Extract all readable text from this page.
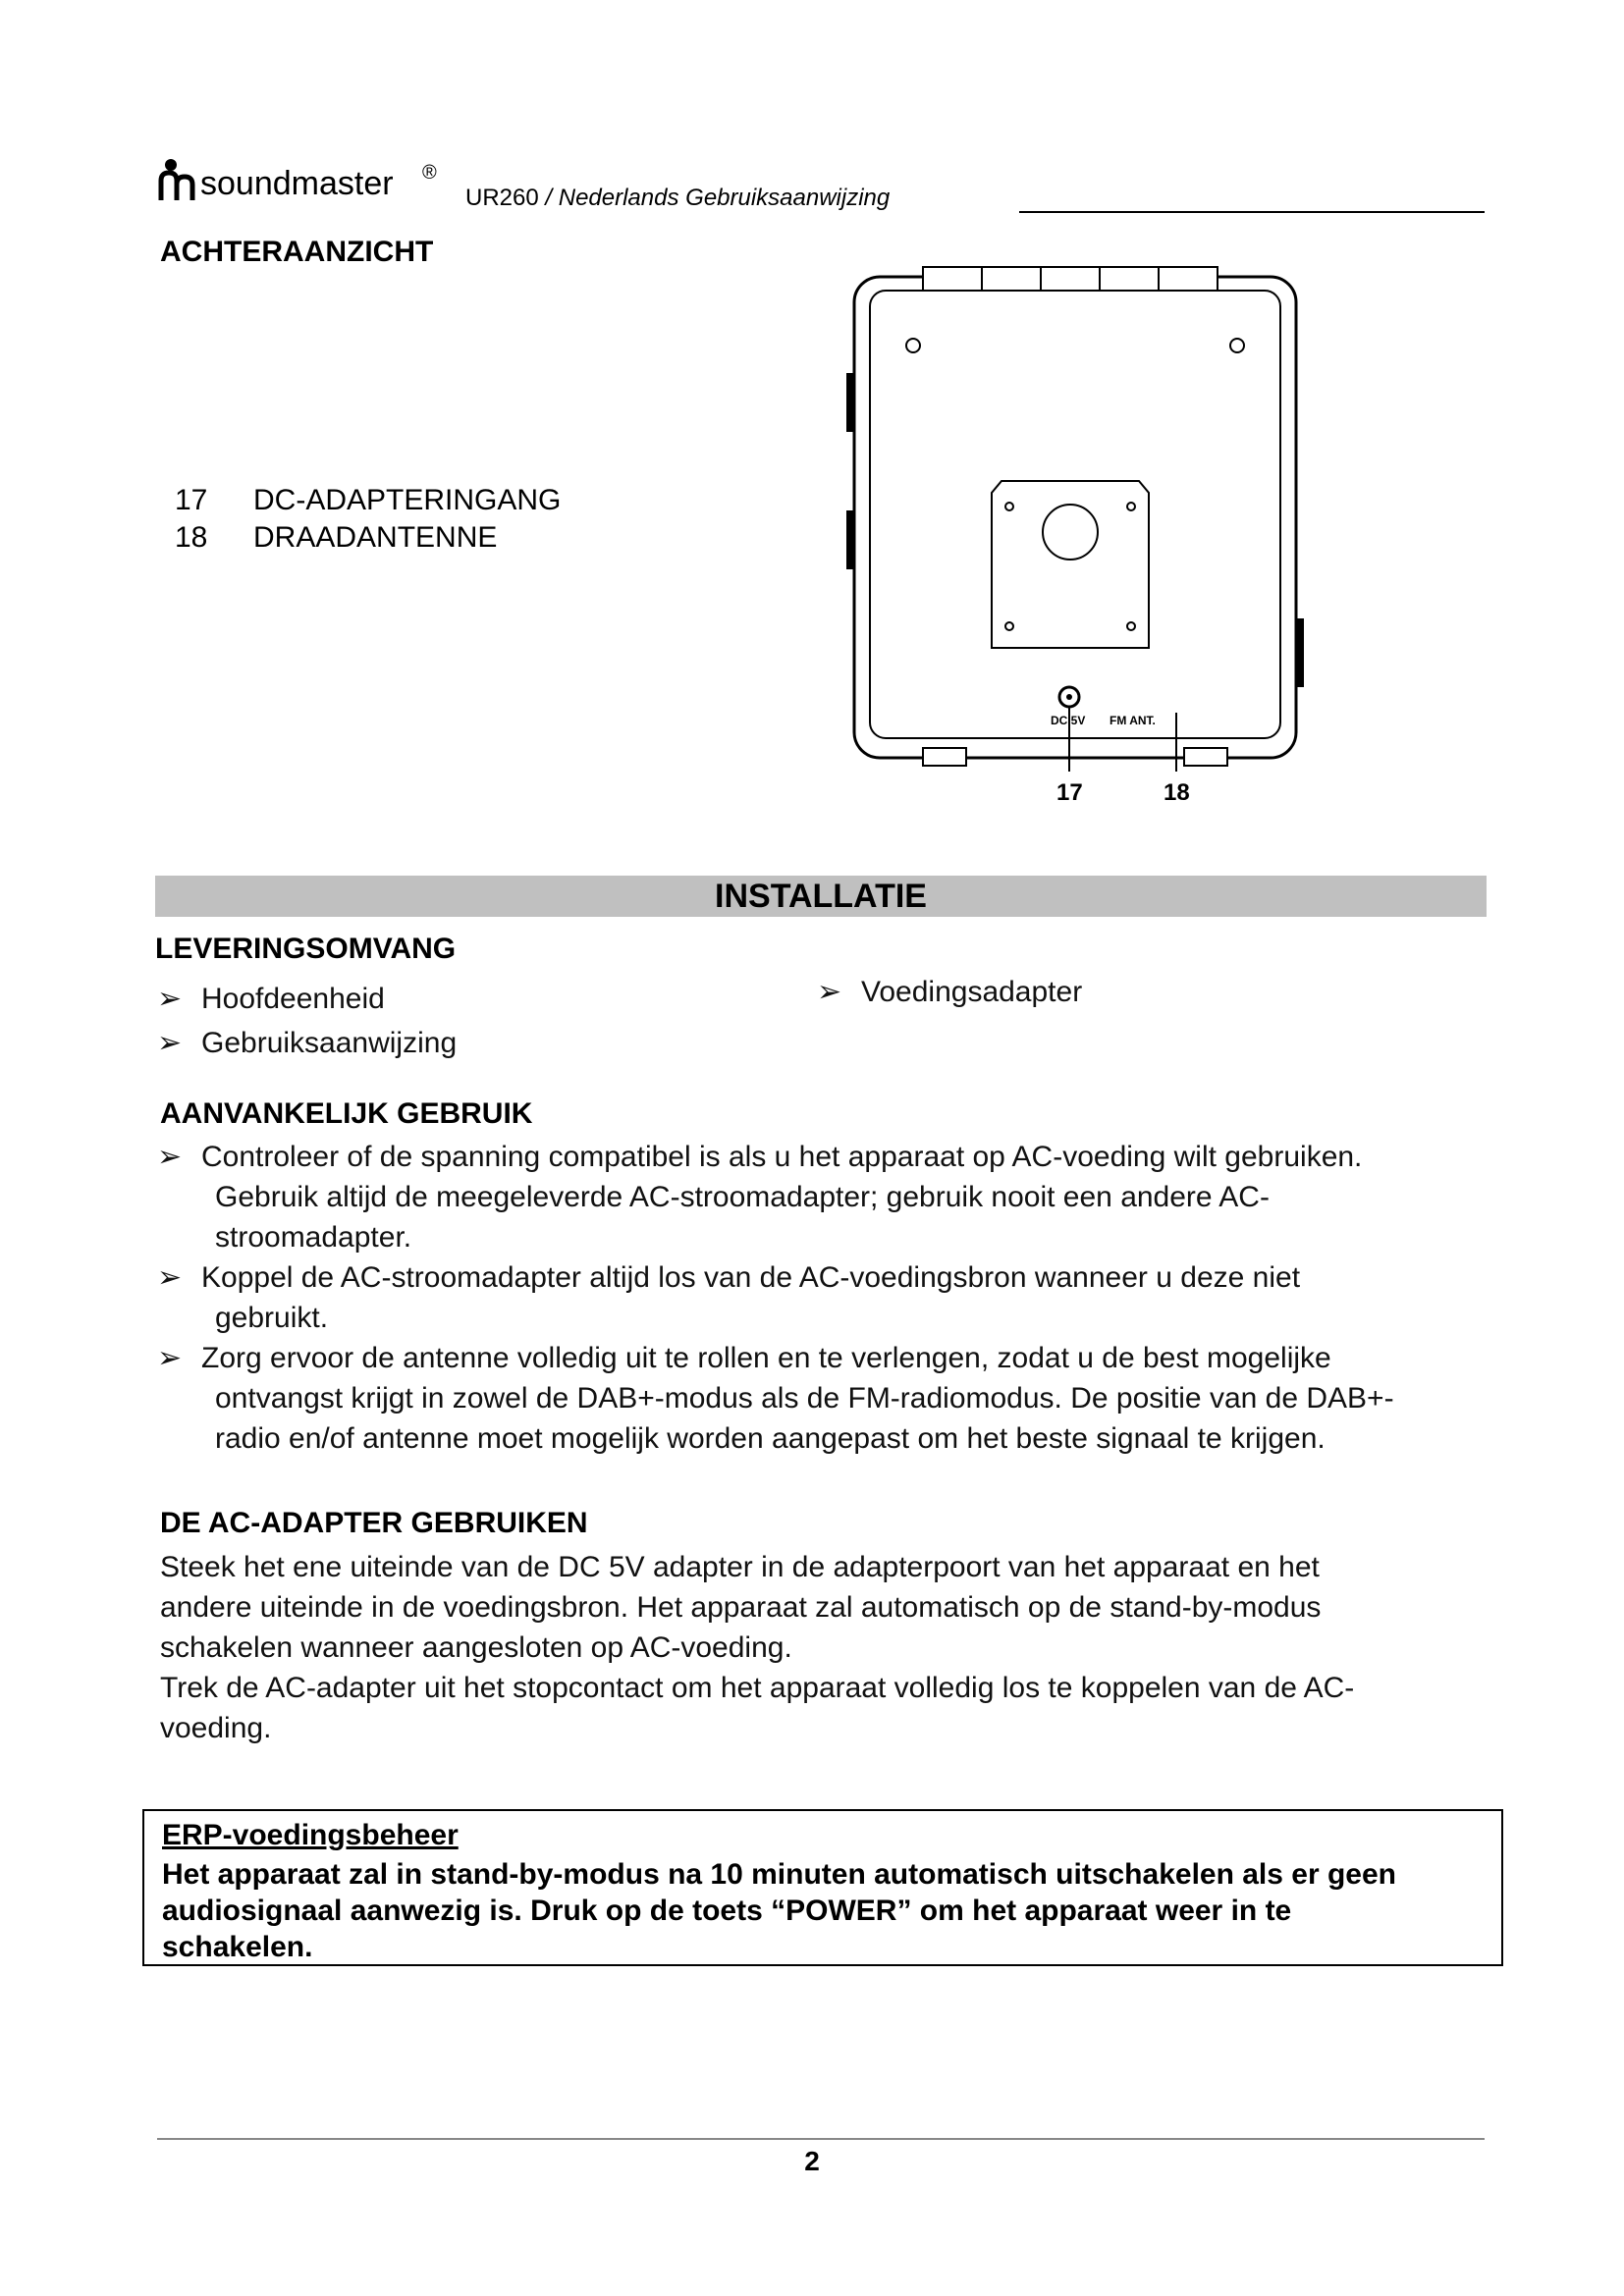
soundmaster ®
UR260 / Nederlands Gebruiksaanwijzing
ACHTERAANZICHT
17 DC-ADAPTERINGANG
18 DRAADANTENNE
DC 5V FM ANT.
17	18
INSTALLATIE
LEVERINGSOMVANG
➢ Hoofdeenheid
➢ Gebruiksaanwijzing
➢ Voedingsadapter
AANVANKELIJK GEBRUIK
➢ Controleer of de spanning compatibel is als u het apparaat op AC-voeding wilt gebruiken.
Gebruik altijd de meegeleverde AC-stroomadapter; gebruik nooit een andere AC-
stroomadapter.
➢ Koppel de AC-stroomadapter altijd los van de AC-voedingsbron wanneer u deze niet
gebruikt.
➢ Zorg ervoor de antenne volledig uit te rollen en te verlengen, zodat u de best mogelijke
ontvangst krijgt in zowel de DAB+-modus als de FM-radiomodus. De positie van de DAB+-
radio en/of antenne moet mogelijk worden aangepast om het beste signaal te krijgen.
DE AC-ADAPTER GEBRUIKEN
Steek het ene uiteinde van de DC 5V adapter in de adapterpoort van het apparaat en het
andere uiteinde in de voedingsbron. Het apparaat zal automatisch op de stand-by-modus
schakelen wanneer aangesloten op AC-voeding.
Trek de AC-adapter uit het stopcontact om het apparaat volledig los te koppelen van de AC-
voeding.
ERP-voedingsbeheer
Het apparaat zal in stand-by-modus na 10 minuten automatisch uitschakelen als er geen
audiosignaal aanwezig is. Druk op de toets “POWER” om het apparaat weer in te
schakelen.
2
